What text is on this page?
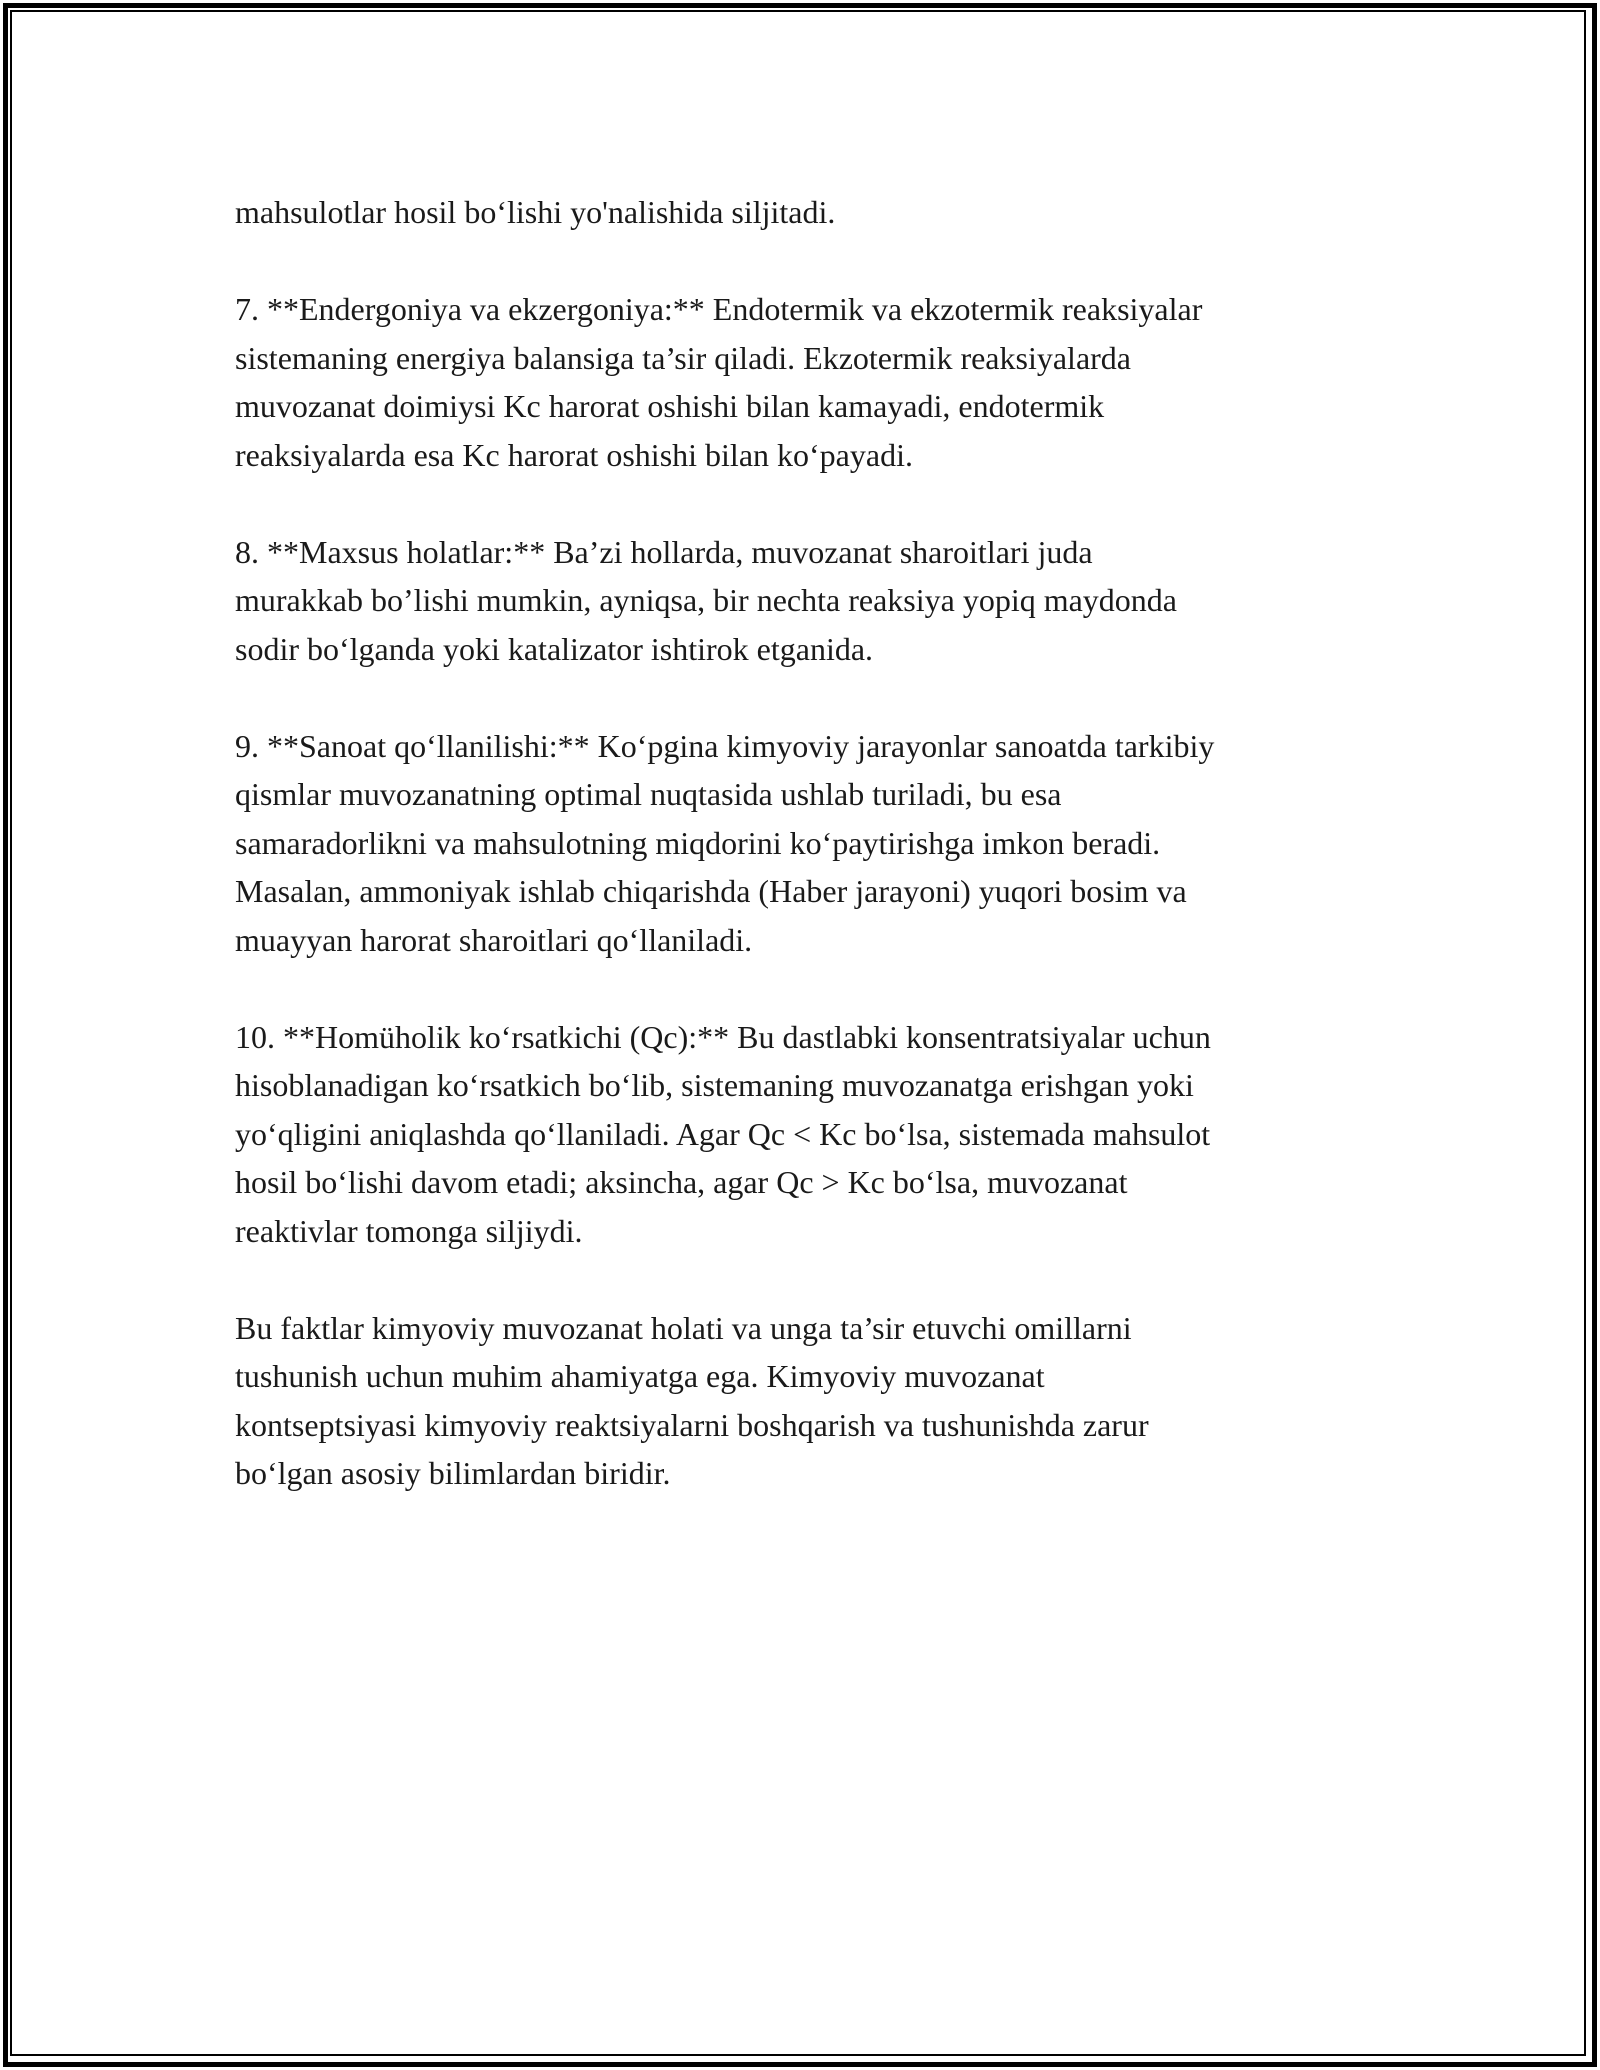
mahsulotlar hosil bo‘lishi yo'nalishida siljitadi.

7. **Endergoniya va ekzergoniya:** Endotermik va ekzotermik reaksiyalar
sistemaning energiya balansiga ta’sir qiladi. Ekzotermik reaksiyalarda
muvozanat doimiysi Kc harorat oshishi bilan kamayadi, endotermik
reaksiyalarda esa Kc harorat oshishi bilan ko‘payadi.

8. **Maxsus holatlar:** Ba’zi hollarda, muvozanat sharoitlari juda
murakkab bo’lishi mumkin, ayniqsa, bir nechta reaksiya yopiq maydonda
sodir bo‘lganda yoki katalizator ishtirok etganida.

9. **Sanoat qo‘llanilishi:** Ko‘pgina kimyoviy jarayonlar sanoatda tarkibiy
qismlar muvozanatning optimal nuqtasida ushlab turiladi, bu esa
samaradorlikni va mahsulotning miqdorini ko‘paytirishga imkon beradi.
Masalan, ammoniyak ishlab chiqarishda (Haber jarayoni) yuqori bosim va
muayyan harorat sharoitlari qo‘llaniladi.

10. **Homüholik ko‘rsatkichi (Qc):** Bu dastlabki konsentratsiyalar uchun
hisoblanadigan ko‘rsatkich bo‘lib, sistemaning muvozanatga erishgan yoki
yo‘qligini aniqlashda qo‘llaniladi. Agar Qc < Kc bo‘lsa, sistemada mahsulot
hosil bo‘lishi davom etadi; aksincha, agar Qc > Kc bo‘lsa, muvozanat
reaktivlar tomonga siljiydi.

Bu faktlar kimyoviy muvozanat holati va unga ta’sir etuvchi omillarni
tushunish uchun muhim ahamiyatga ega. Kimyoviy muvozanat
kontseptsiyasi kimyoviy reaktsiyalarni boshqarish va tushunishda zarur
bo‘lgan asosiy bilimlardan biridir.
